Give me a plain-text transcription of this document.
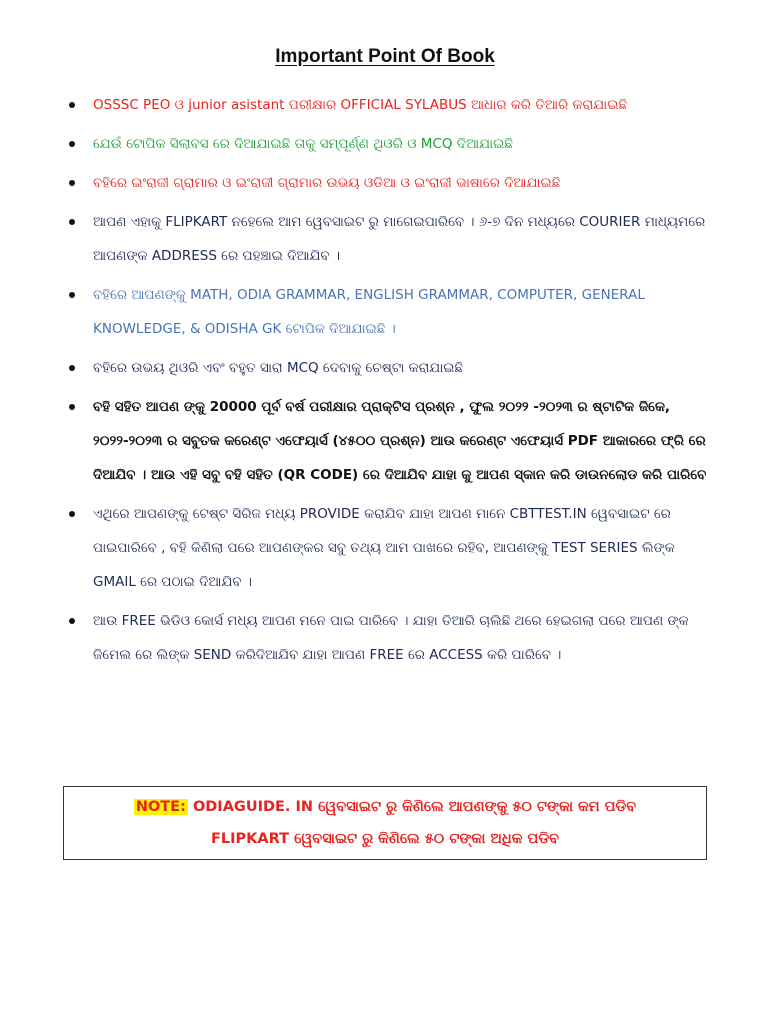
Important Point Of Book
OSSSC PEO ଓ junior asistant ପରୀକ୍ଷାର OFFICIAL SYLABUS ଆଧାର କରି ତିଆରି କରାଯାଇଛି
ଯେଉଁ ଟୋପିକ ସିଲାବସ ରେ ଦିଆଯାଇଛି ତାକୁ ସମ୍ପୂର୍ଣ୍ଣ ଥିଓରି ଓ MCQ ଦିଆଯାଇଛି
ବହିରେ ଇଂରାଜୀ ଗ୍ରାମାର ଓ ଇଂରାଜୀ ଗ୍ରାମାର ଉଭୟ ଓଡିଆ ଓ ଇଂରାଜୀ ଭାଷାରେ ଦିଆଯାଇଛି
ଆପଣ ଏହାକୁ FLIPKART ନହେଲେ ଆମ ୱେବସାଇଟ ରୁ ମାଗେଇପାରିବେ । ୬-୭ ଦିନ ମଧ୍ୟରେ COURIER ମାଧ୍ୟମରେ ଆପଣଙ୍କ ADDRESS ରେ ପହଞ୍ଚାଇ ଦିଆଯିବ ।
ବହିରେ ଆପଣଙ୍କୁ MATH, ODIA GRAMMAR, ENGLISH GRAMMAR, COMPUTER, GENERAL KNOWLEDGE, & ODISHA GK ଟୋପିକ ଦିଆଯାଇଛି ।
ବହିରେ ଉଭୟ ଥିଓରି ଏବଂ ବହୁତ ସାରା MCQ ଦେବାକୁ ଚେଷ୍ଟା କରାଯାଇଛି
ବହି ସହିତ ଆପଣ ଙ୍କୁ 20000 ପୂର୍ବ ବର୍ଷ ପରୀକ୍ଷାର ପ୍ରାକ୍ଟିସ ପ୍ରଶ୍ନ , ଫୁଲ ୨୦୨୨ -୨୦୨୩ ର ଷ୍ଟାଟିକ ଜିକେ, ୨୦୨୨-୨୦୨୩ ର ସବୁତକ କରେଣ୍ଟ ଏଫେୟାର୍ସ (୪୫୦୦ ପ୍ରଶ୍ନ) ଆଉ କରେଣ୍ଟ ଏଫେୟାର୍ସ PDF ଆକାରରେ ଫ୍ରି ରେ ଦିଆଯିବ । ଆଉ ଏହି ସବୁ ବହି ସହିତ (QR CODE) ରେ ଦିଆଯିବ ଯାହା କୁ ଆପଣ ସ୍କାନ କରି ଡାଉନଲୋଡ କରି ପାରିବେ
ଏଥିରେ ଆପଣଙ୍କୁ ଟେଷ୍ଟ ସିରିଜ ମଧ୍ୟ PROVIDE କରାଯିବ ଯାହା ଆପଣ ମାନେ CBTTEST.IN ୱେବସାଇଟ ରେ ପାଇପାରିବେ , ବହି କିଣିଲା ପରେ ଆପଣଙ୍କର ସବୁ ତଥ୍ୟ ଆମ ପାଖରେ ରହିବ, ଆପଣଙ୍କୁ TEST SERIES ଲିଙ୍କ GMAIL ରେ ପଠାଇ ଦିଆଯିବ ।
ଆଉ FREE ଭିଡିଓ କୋର୍ସ ମଧ୍ୟ ଆପଣ ମନେ ପାଇ ପାରିବେ । ଯାହା ତିଆରି ଚାଲିଛି ଥରେ ହେଇଗଲା ପରେ ଆପଣ ଙ୍କ ଜିମେଲ ରେ ଲିଙ୍କ SEND କରିଦିଆଯିବ ଯାହା ଆପଣ FREE ରେ ACCESS କରି ପାରିବେ ।
NOTE: ODIAGUIDE. IN ୱେବସାଇଟ ରୁ କିଣିଲେ ଆପଣଙ୍କୁ ୫୦ ଟଙ୍କା କମ ପଡିବ
FLIPKART ୱେବସାଇଟ ରୁ କିଣିଲେ ୫୦ ଟଙ୍କା ଅଧିକ ପଡିବ
